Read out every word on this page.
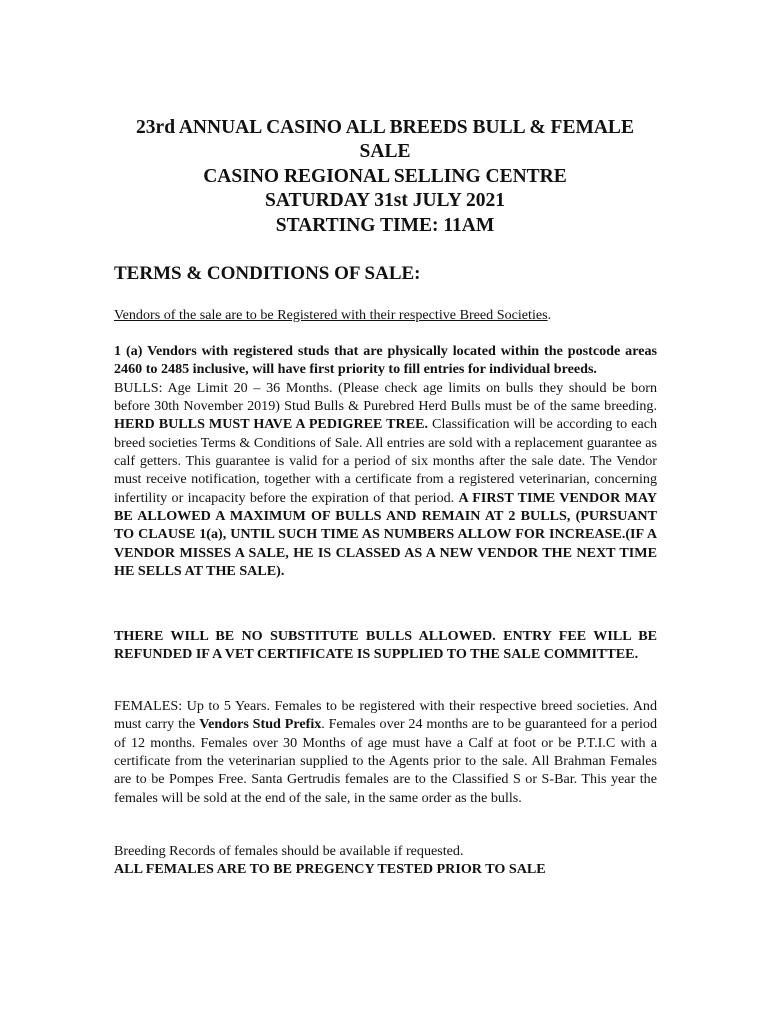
23rd ANNUAL CASINO ALL BREEDS BULL & FEMALE
SALE
CASINO REGIONAL SELLING CENTRE
SATURDAY 31st JULY 2021
STARTING TIME: 11AM
TERMS & CONDITIONS OF SALE:
Vendors of the sale are to be Registered with their respective Breed Societies.
1 (a) Vendors with registered studs that are physically located within the postcode areas 2460 to 2485 inclusive, will have first priority to fill entries for individual breeds.
BULLS: Age Limit 20 – 36 Months. (Please check age limits on bulls they should be born before 30th November 2019) Stud Bulls & Purebred Herd Bulls must be of the same breeding. HERD BULLS MUST HAVE A PEDIGREE TREE. Classification will be according to each breed societies Terms & Conditions of Sale. All entries are sold with a replacement guarantee as calf getters. This guarantee is valid for a period of six months after the sale date. The Vendor must receive notification, together with a certificate from a registered veterinarian, concerning infertility or incapacity before the expiration of that period. A FIRST TIME VENDOR MAY BE ALLOWED A MAXIMUM OF BULLS AND REMAIN AT 2 BULLS, (PURSUANT TO CLAUSE 1(a), UNTIL SUCH TIME AS NUMBERS ALLOW FOR INCREASE.(IF A VENDOR MISSES A SALE, HE IS CLASSED AS A NEW VENDOR THE NEXT TIME HE SELLS AT THE SALE).
THERE WILL BE NO SUBSTITUTE BULLS ALLOWED. ENTRY FEE WILL BE REFUNDED IF A VET CERTIFICATE IS SUPPLIED TO THE SALE COMMITTEE.
FEMALES: Up to 5 Years. Females to be registered with their respective breed societies. And must carry the Vendors Stud Prefix. Females over 24 months are to be guaranteed for a period of 12 months. Females over 30 Months of age must have a Calf at foot or be P.T.I.C with a certificate from the veterinarian supplied to the Agents prior to the sale. All Brahman Females are to be Pompes Free. Santa Gertrudis females are to the Classified S or S-Bar. This year the females will be sold at the end of the sale, in the same order as the bulls.
Breeding Records of females should be available if requested.
ALL FEMALES ARE TO BE PREGENCY TESTED PRIOR TO SALE
